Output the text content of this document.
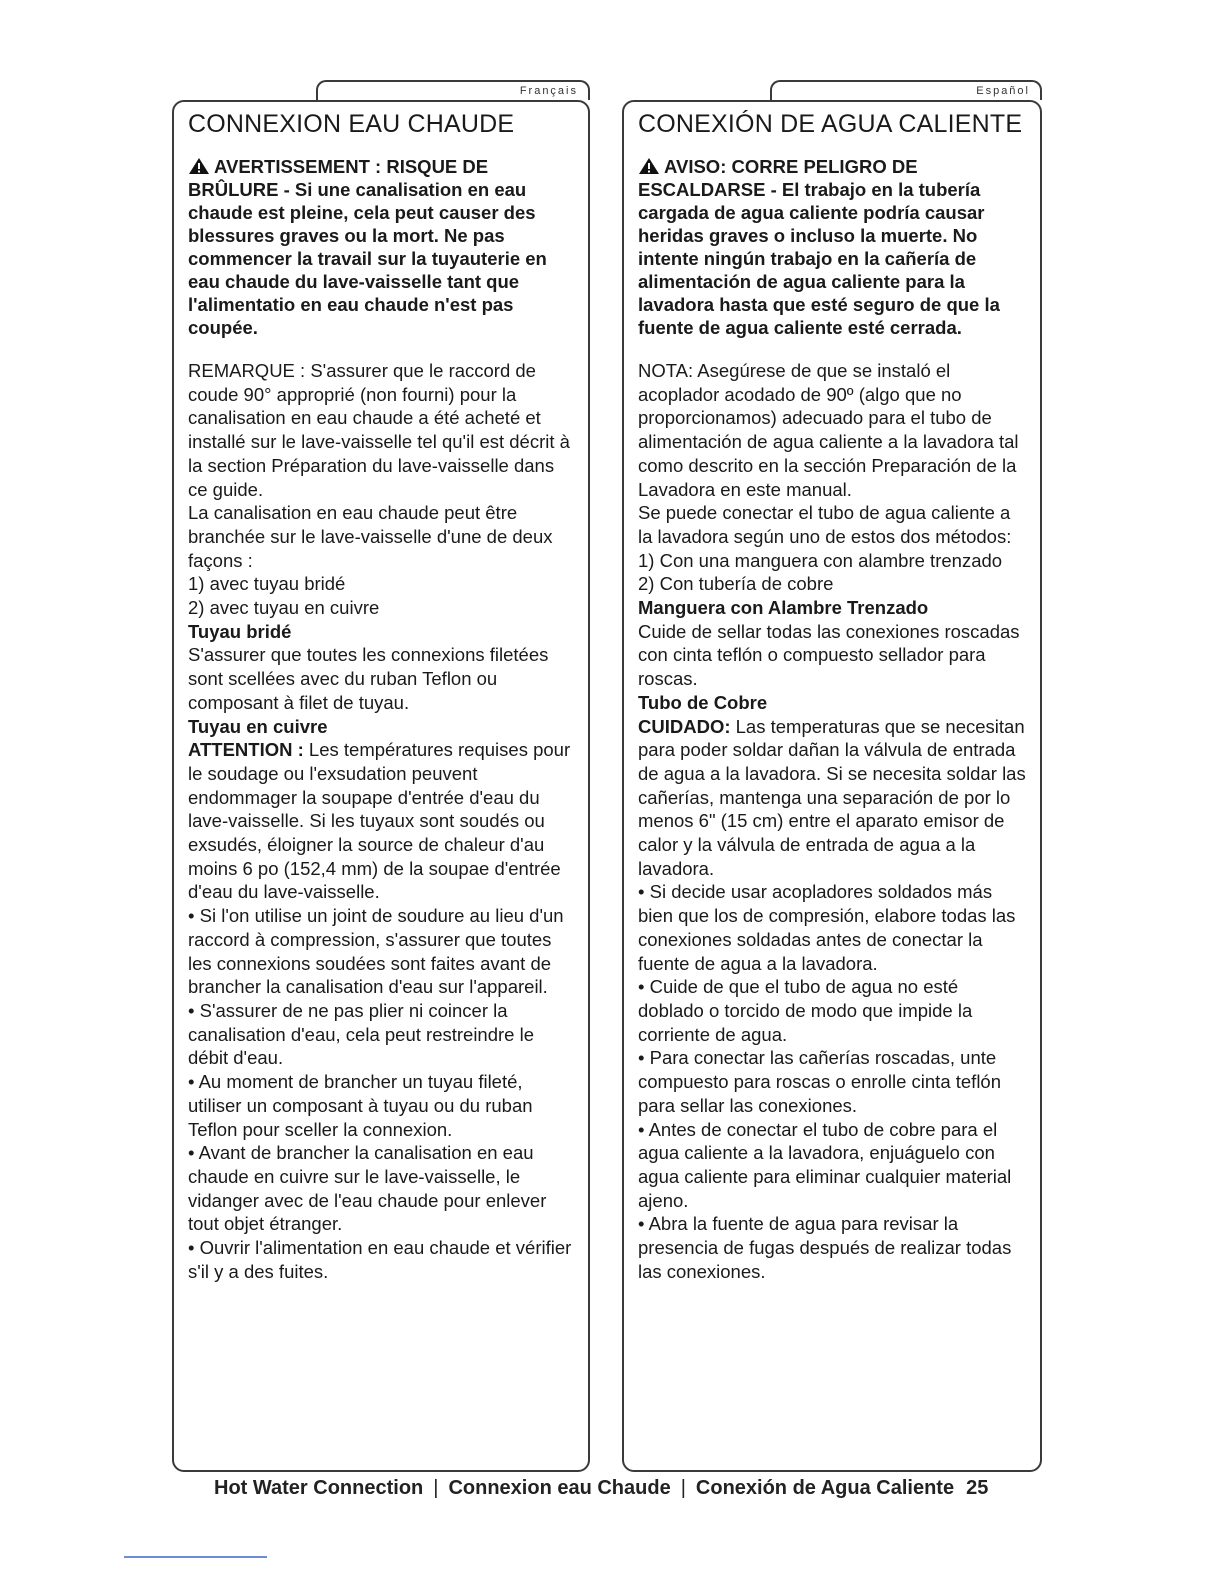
Français
CONNEXION EAU CHAUDE
AVERTISSEMENT : RISQUE DE BRÛLURE - Si une canalisation en eau chaude est pleine, cela peut causer des blessures graves ou la mort. Ne pas commencer la travail sur la tuyauterie en eau chaude du lave-vaisselle tant que l'alimentatio en eau chaude n'est pas coupée.

REMARQUE : S'assurer que le raccord de coude 90° approprié (non fourni) pour la canalisation en eau chaude a été acheté et installé sur le lave-vaisselle tel qu'il est décrit à la section Préparation du lave-vaisselle dans ce guide.

La canalisation en eau chaude peut être branchée sur le lave-vaisselle d'une de deux façons :

1) avec tuyau bridé

2) avec tuyau en cuivre

Tuyau bridé

S'assurer que toutes les connexions filetées sont scellées avec du ruban Teflon ou composant à filet de tuyau.

Tuyau en cuivre

ATTENTION : Les températures requises pour le soudage ou l'exsudation peuvent endommager la soupape d'entrée d'eau du lave-vaisselle. Si les tuyaux sont soudés ou exsudés, éloigner la source de chaleur d'au moins 6 po (152,4 mm) de la soupae d'entrée d'eau du lave-vaisselle.

• Si l'on utilise un joint de soudure au lieu d'un raccord à compression, s'assurer que toutes les connexions soudées sont faites avant de brancher la canalisation d'eau sur l'appareil.

• S'assurer de ne pas plier ni coincer la canalisation d'eau, cela peut restreindre le débit d'eau.

• Au moment de brancher un tuyau fileté, utiliser un composant à tuyau ou du ruban Teflon pour sceller la connexion.

• Avant de brancher la canalisation en eau chaude en cuivre sur le lave-vaisselle, le vidanger avec de l'eau chaude pour enlever tout objet étranger.

• Ouvrir l'alimentation en eau chaude et vérifier s'il y a des fuites.

Español
CONEXIÓN DE AGUA CALIENTE
AVISO: CORRE PELIGRO DE ESCALDARSE - El trabajo en la tubería cargada de agua caliente podría causar heridas graves o incluso la muerte. No intente ningún trabajo en la cañería de alimentación de agua caliente para la lavadora hasta que esté seguro de que la fuente de agua caliente esté cerrada.

NOTA: Asegúrese de que se instaló el acoplador acodado de 90º (algo que no proporcionamos) adecuado para el tubo de alimentación de agua caliente a la lavadora tal como descrito en la sección Preparación de la Lavadora en este manual.

Se puede conectar el tubo de agua caliente a la lavadora según uno de estos dos métodos:

1) Con una manguera con alambre trenzado

2) Con tubería de cobre

Manguera con Alambre Trenzado

Cuide de sellar todas las conexiones roscadas con cinta teflón o compuesto sellador para roscas.

Tubo de Cobre

CUIDADO: Las temperaturas que se necesitan para poder soldar dañan la válvula de entrada de agua a la lavadora. Si se necesita soldar las cañerías, mantenga una separación de por lo menos 6" (15 cm) entre el aparato emisor de calor y la válvula de entrada de agua a la lavadora.

• Si decide usar acopladores soldados más bien que los de compresión, elabore todas las conexiones soldadas antes de conectar la fuente de agua a la lavadora.

• Cuide de que el tubo de agua no esté doblado o torcido de modo que impide la corriente de agua.

• Para conectar las cañerías roscadas, unte compuesto para roscas o enrolle cinta teflón para sellar las conexiones.

• Antes de conectar el tubo de cobre para el agua caliente a la lavadora, enjuáguelo con agua caliente para eliminar cualquier material ajeno.

• Abra la fuente de agua para revisar la presencia de fugas después de realizar todas las conexiones.

Hot Water Connection | Connexion eau Chaude | Conexión de Agua Caliente 25
